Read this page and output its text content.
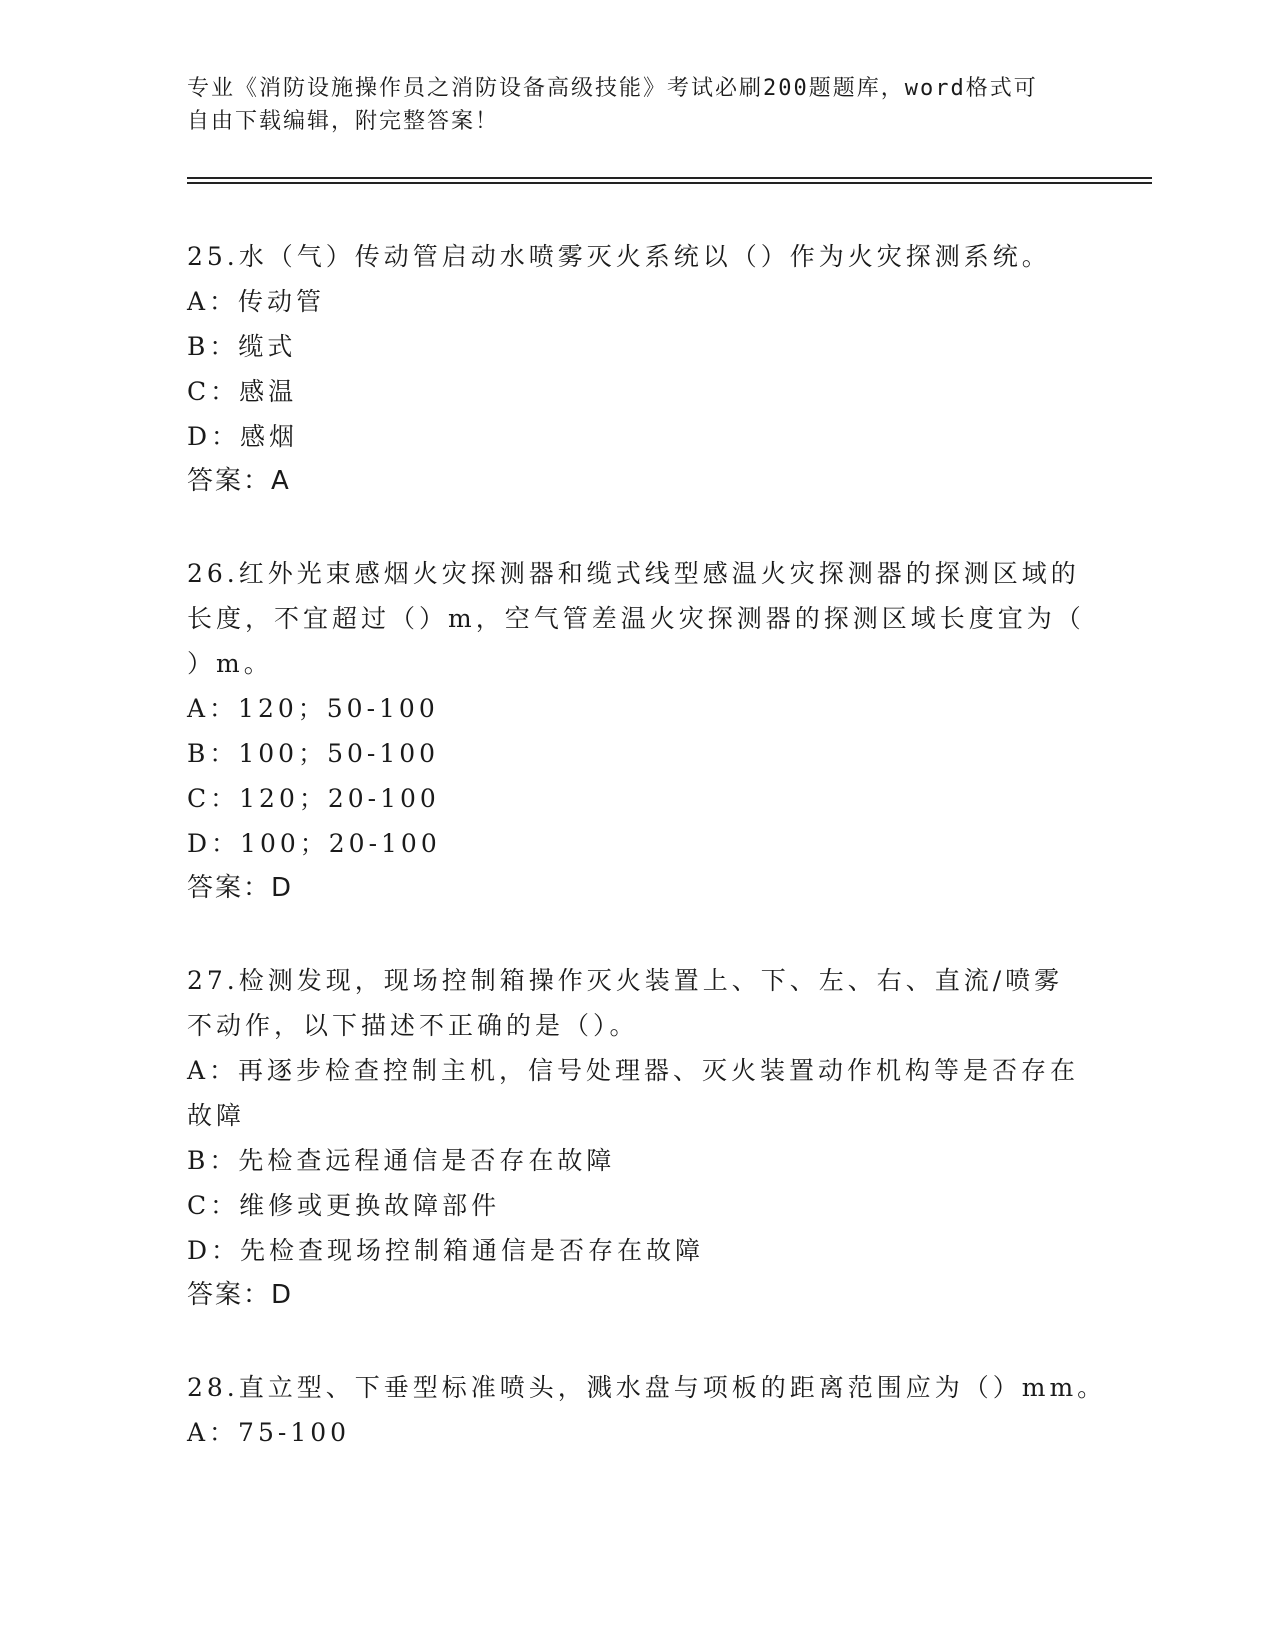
专业《消防设施操作员之消防设备高级技能》考试必刷200题题库，word格式可
自由下载编辑，附完整答案！
25.水（气）传动管启动水喷雾灭火系统以（）作为火灾探测系统。
A：传动管
B：缆式
C：感温
D：感烟
答案：A
26.红外光束感烟火灾探测器和缆式线型感温火灾探测器的探测区域的
长度，不宜超过（）m，空气管差温火灾探测器的探测区域长度宜为（
）m。
A：120；50-100
B：100；50-100
C：120；20-100
D：100；20-100
答案：D
27.检测发现，现场控制箱操作灭火装置上、下、左、右、直流/喷雾
不动作，以下描述不正确的是（）。
A：再逐步检查控制主机，信号处理器、灭火装置动作机构等是否存在
故障
B：先检查远程通信是否存在故障
C：维修或更换故障部件
D：先检查现场控制箱通信是否存在故障
答案：D
28.直立型、下垂型标准喷头，溅水盘与项板的距离范围应为（）mm。
A：75-100
